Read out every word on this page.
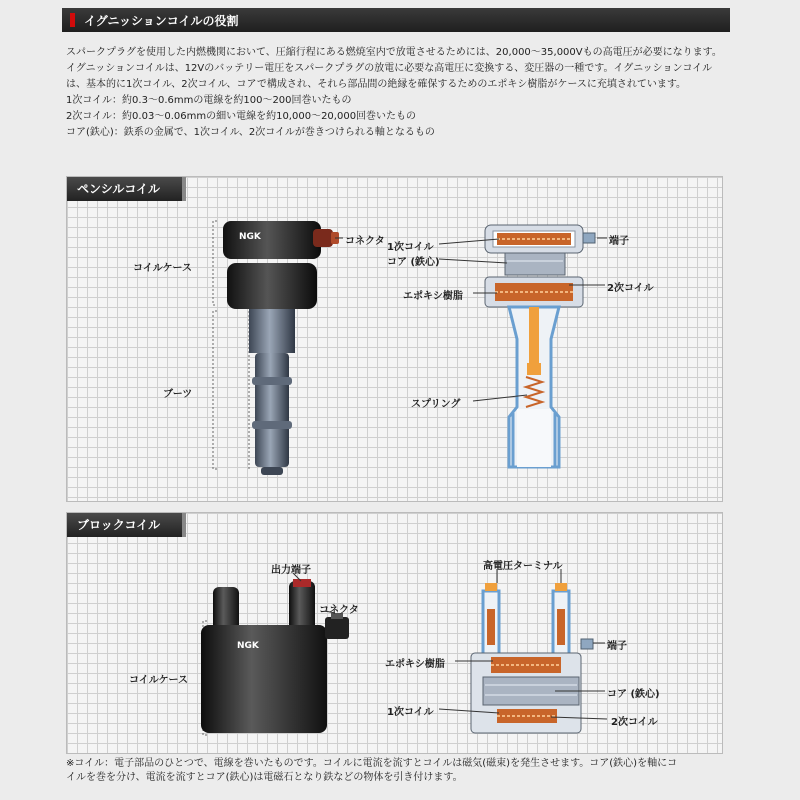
イグニッションコイルの役割

スパークプラグを使用した内燃機関において、圧縮行程にある燃焼室内で放電させるためには、20,000〜35,000Vもの高電圧が必要になります。イグニッションコイルは、12Vのバッテリー電圧をスパークプラグの放電に必要な高電圧に変換する、変圧器の一種です。イグニッションコイルは、基本的に1次コイル、2次コイル、コアで構成され、それら部品間の絶縁を確保するためのエポキシ樹脂がケースに充填されています。

1次コイル：約0.3〜0.6mmの電線を約100〜200回巻いたもの

2次コイル：約0.03〜0.06mmの細い電線を約10,000〜20,000回巻いたもの

コア(鉄心)：鉄系の金属で、1次コイル、2次コイルが巻きつけられる軸となるもの

ペンシルコイル
NGK
コイルケース
コネクタ
ブーツ
1次コイル
コア (鉄心)
端子
2次コイル
エポキシ樹脂
スプリング
ブロックコイル
出力端子
コネクタ
NGK
コイルケース
高電圧ターミナル
端子
エポキシ樹脂
コア (鉄心)
1次コイル
2次コイル

※コイル：電子部品のひとつで、電線を巻いたものです。コイルに電流を流すとコイルは磁気(磁束)を発生させます。コア(鉄心)を軸にコ

イルを巻を分け、電流を流すとコア(鉄心)は電磁石となり鉄などの物体を引き付けます。
